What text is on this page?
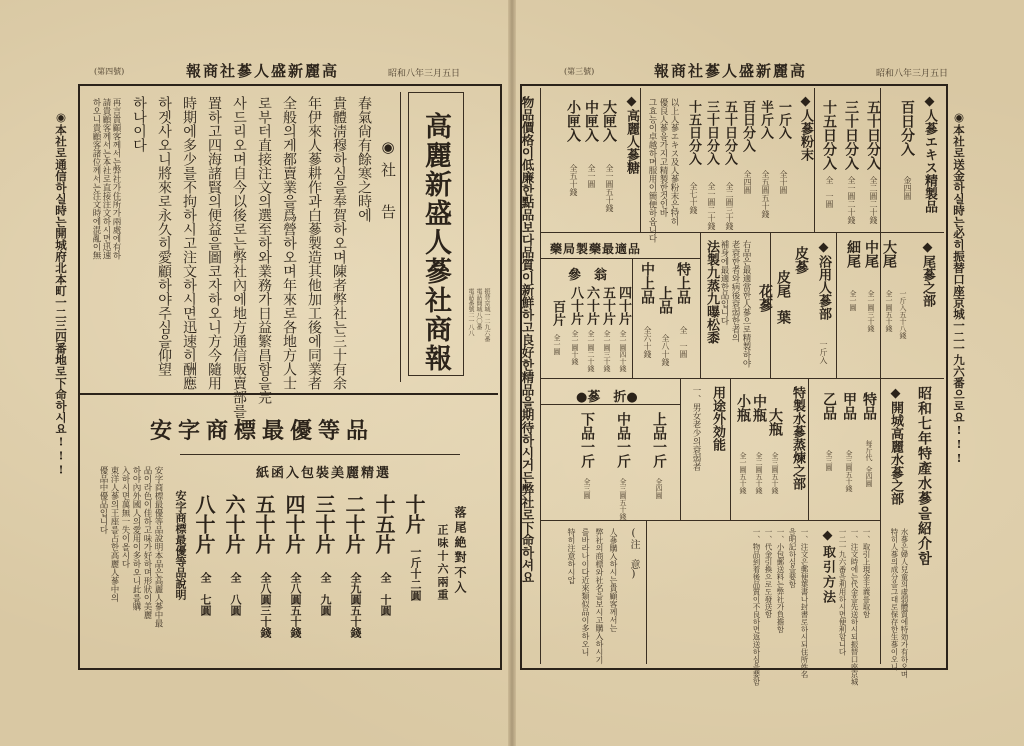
昭和八年三月五日
報商社蔘人盛新麗高
(第四號)
◉本社로通信하실時는開城府北本町一二三四番地로下命하시요!!!	高麗新盛人蔘社商報	振替京城一二九六番
電話開城八〇番
電話番號二一八八
◉社　告
春氣尙有餘寒之時에
貴體淸穆하심을奉賀하오며陳者弊社는三十有余
年伊來人蔘耕作과白蔘製造其他加工後에同業者
全般의게都賣業을爲營하오며年來로各地方人士
로부터直接注文의選至하와業務가日益繁昌함을完
사드리오며自今以後로는弊社內에地方通信販賣部를
置하고四海諸賢의便益을圖코자하오니方今隨用
時期에多少를不拘하시고注文하시면迅速히酬應
하겟사오니將來로永久히愛顧하야주심을仰望
하나이다
再言貴顧客께서는弊社가住所가兩處에有하
請貴顧客께서는本社로直接注文하시면迅速
하오니貴顧客諸位께서는注文時에混亂이無
品等優最標商字安
選精麗美裝包入函紙
十片
一斤十二圓
十五片
全　十圓
二十片
全九圓五十錢
三十片
全　九圓
四十片
全八圓五十錢
五十片
全八圓三十錢
六十片
全　八圓
八十片
全　七圓
安字商標最優等品說明	落尾絶對不入
正味十六兩重
安字商標最優等品說明本品은高麗人蔘中最
品이라色이佳하고味가好하며形狀이美麗
하야內外國人의愛用이多하오니此를購
入하시면萬無一失이올시다
東洋人蔘의王座를占한高麗人蔘中의
優品中優品입니다
昭和八年三月五日
報商社蔘人盛新麗高
(第三號)
◉本社로送金하실時는必히振替口座京城一二一九六番으로요!!!
物品價格이低廉한點品보다品質이新鮮하고良好한精品을期待하시거든弊社로下命하셔요	◆人蔘エキス精製品
百日分入
金四圓
五十日分入
全二圓二十錢
三十日分入
全一圓二十錢
十五日分入
全　一圓
◆人蔘粉末
一斤入
全十圓
半斤入
全五圓五十錢
百日分入
全四圓
五十日分入
全二圓三十錢
三十日分入
全一圓二十錢
十五日分入
全七十錢
以上人蔘エキス及人蔘粉末은特히
優良人蔘을가지고精製한것인바
그효능이卓越하며服用이簡便하옵니다
◆高麗人蔘糖
大匣入
全一圓五十錢
中匣入
全一圓
小匣入
全五十錢
◆尾蔘之部
一斤入五十八錢
大尾
全一圓五十錢
中尾
全一圓三十錢
細尾
全一圓
◆浴用人蔘部
一斤入
皮蔘
皮尾
花蔘
葉
法製九蒸九曝松黍	右品은最適當한人蔘으로精製하야
老衰한者와病後衰弱한者의
補身에最適한品입니다
品適最藥製局藥
特上品
全　一圓
上品
全八十錢
中上品
全六十錢
參　翁
四十片
全一圓四十錢
五十片
全一圓三十錢
六十片
全一圓二十錢
八十片
全一圓十錢
百片
全一圓
◆開城高麗水蔘之部
特品
每斤代
全四圓
甲品
全三圓五十錢
乙品
全三圓
特製水蔘蒸煉之部
大瓶
全三圓五十錢
中瓶
全二圓五十錢
小瓶
全一圓五十錢
用途外効能
一、男女老少의衰弱者
●蔘　折●
上品一斤
全四圓
中品一斤
全三圓五十錢
下品一斤
全三圓	昭和七年特產水蔘을紹介함
水蔘은婦人兒童의虛弱體質에特効가有하오며
特히人蔘의成分을그대로保存한生蔘이오니
◆取引方法	一、取引上現金主義를取함
一、注文時에는代金을先送하시되振替口座京城
一二一九六番을利用하시면便利합니다
一、注文은郵便葉書나封書로하시되住所姓名
을明記하심을要함
一、小包郵送料는弊社가負擔함
一、代金引換으로도發送함
一、物品到着後品質이不良하면返送하심을要함
(注　意)
人蔘購入하시는貴顧客께서는
弊社의商標와社名을보시고購入하시기
를바라나이다近來類似品이多하오니
特히注意하시압
